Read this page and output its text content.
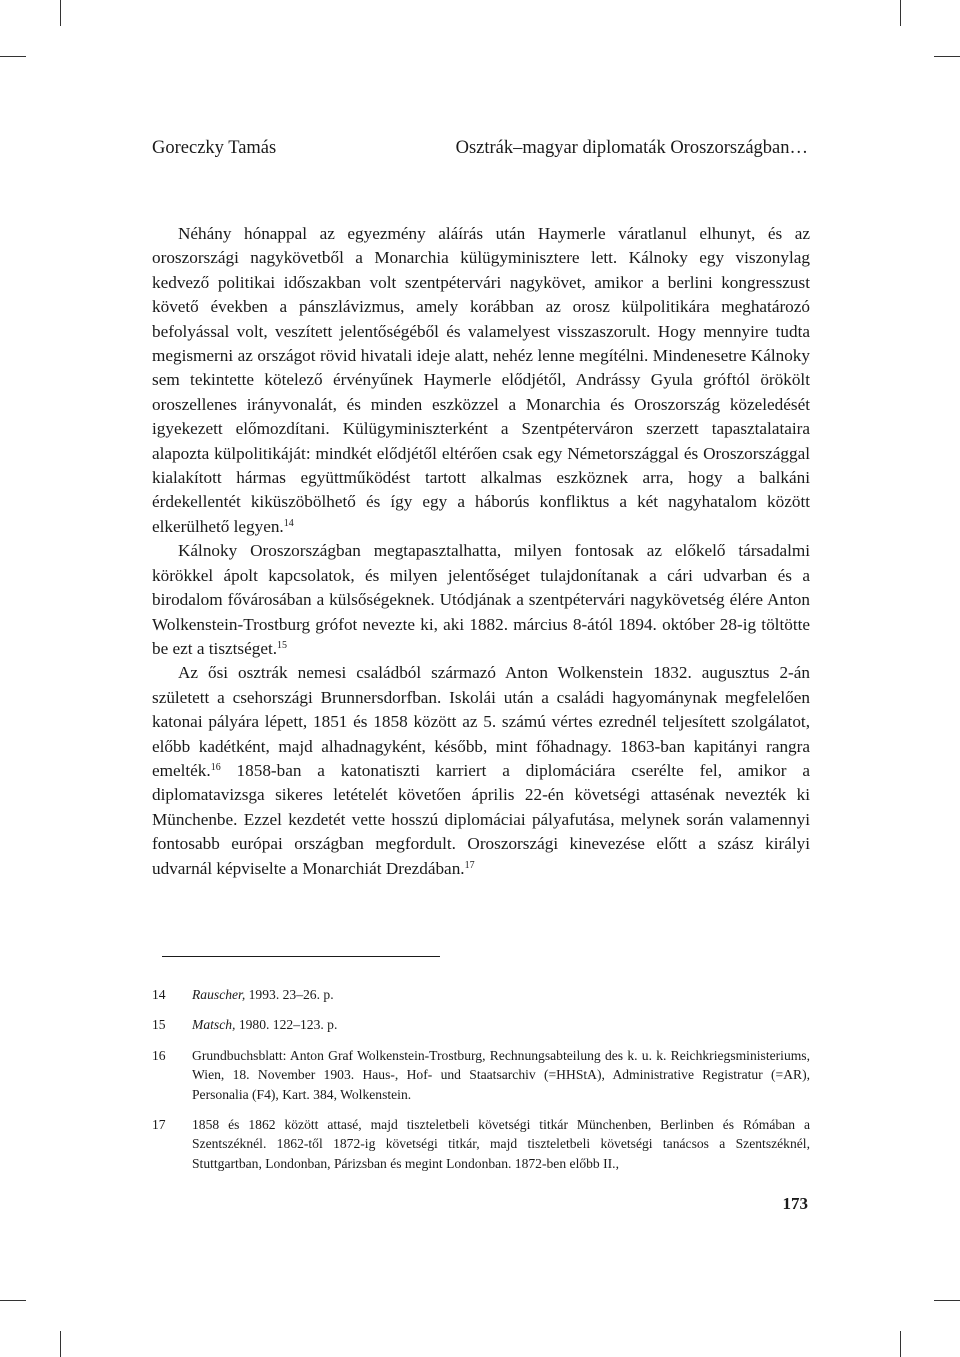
Goreczky Tamás	Osztrák–magyar diplomaták Oroszországban…

Néhány hónappal az egyezmény aláírás után Haymerle váratlanul elhunyt, és az oroszországi nagykövetből a Monarchia külügyminisztere lett. Kálnoky egy viszonylag kedvező politikai időszakban volt szentpétervári nagykövet, amikor a berlini kongresszust követő években a pánszlávizmus, amely korábban az orosz külpolitikára meghatározó befolyással volt, veszített jelentőségéből és valamelyest visszaszorult. Hogy mennyire tudta megismerni az országot rövid hivatali ideje alatt, nehéz lenne megítélni. Mindenesetre Kálnoky sem tekintette kötelező érvényűnek Haymerle elődjétől, Andrássy Gyula gróftól örökölt oroszellenes irányvonalát, és minden eszközzel a Monarchia és Oroszország közeledését igyekezett előmozdítani. Külügyminiszterként a Szentpéterváron szerzett tapasztalataira alapozta külpolitikáját: mindkét elődjétől eltérően csak egy Németországgal és Oroszországgal kialakított hármas együttműködést tartott alkalmas eszköznek arra, hogy a balkáni érdekellentét kiküszöbölhető és így egy a háborús konfliktus a két nagyhatalom között elkerülhető legyen.$^{14}$

Kálnoky Oroszországban megtapasztalhatta, milyen fontosak az előkelő társadalmi körökkel ápolt kapcsolatok, és milyen jelentőséget tulajdonítanak a cári udvarban és a birodalom fővárosában a külsőségeknek. Utódjának a szentpétervári nagykövetség élére Anton Wolkenstein-Trostburg grófot nevezte ki, aki 1882. március 8-ától 1894. október 28-ig töltötte be ezt a tisztséget.$^{15}$

Az ősi osztrák nemesi családból származó Anton Wolkenstein 1832. augusztus 2-án született a csehországi Brunnersdorfban. Iskolái után a családi hagyománynak megfelelően katonai pályára lépett, 1851 és 1858 között az 5. számú vértes ezrednél teljesített szolgálatot, előbb kadétként, majd alhadnagyként, később, mint főhadnagy. 1863-ban kapitányi rangra emelték.$^{16}$ 1858-ban a katonatiszti karriert a diplomáciára cserélte fel, amikor a diplomatavizsga sikeres letételét követően április 22-én követségi attasénak nevezték ki Münchenbe. Ezzel kezdetét vette hosszú diplomáciai pályafutása, melynek során valamennyi fontosabb európai országban megfordult. Oroszországi kinevezése előtt a szász királyi udvarnál képviselte a Monarchiát Drezdában.$^{17}$

14	Rauscher, 1993. 23–26. p.
15	Matsch, 1980. 122–123. p.
16	Grundbuchsblatt: Anton Graf Wolkenstein-Trostburg, Rechnungsabteilung des k. u. k. Reichkriegsministeriums, Wien, 18. November 1903. Haus-, Hof- und Staatsarchiv (=HHStA), Administrative Registratur (=AR), Personalia (F4), Kart. 384, Wolkenstein.
17	1858 és 1862 között attasé, majd tiszteletbeli követségi titkár Münchenben, Berlinben és Rómában a Szentszéknél. 1862-től 1872-ig követségi titkár, majd tiszteletbeli követségi tanácsos a Szentszéknél, Stuttgartban, Londonban, Párizsban és megint Londonban. 1872-ben előbb II.,
173
